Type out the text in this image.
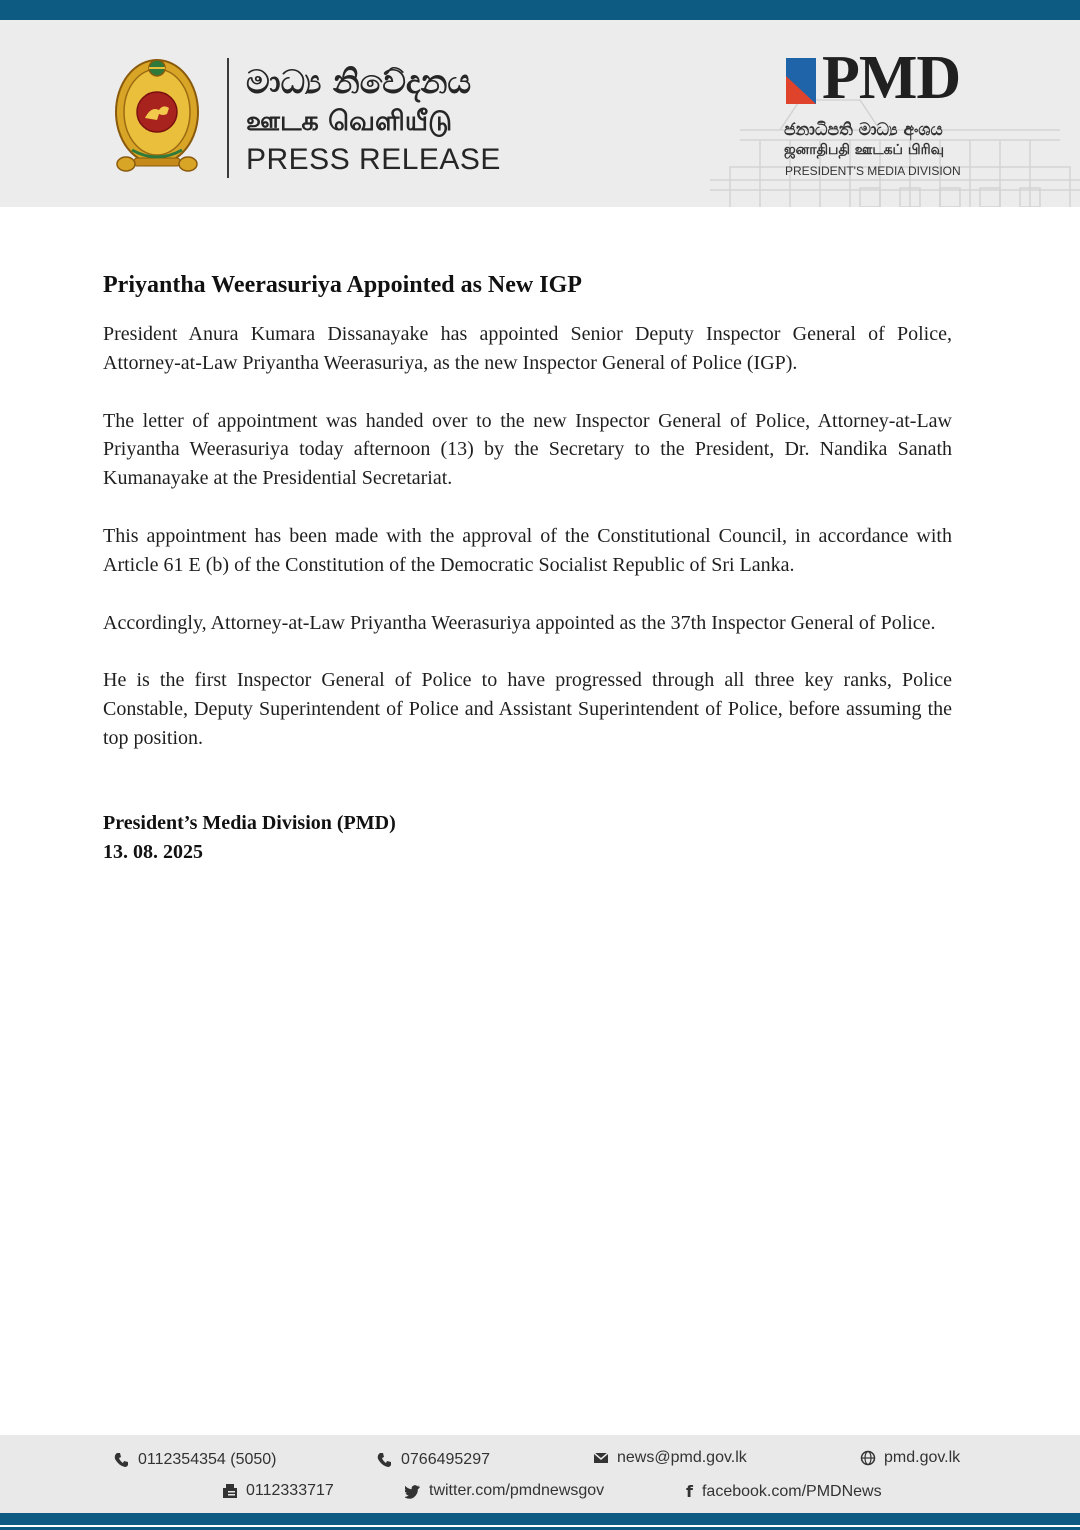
මාධ්‍ය නිවේදනය
ஊடக வெளியீடு
PRESS RELEASE
PMD
ජනාධිපති මාධ්‍ය අංශය
ஜனாதிபதி ஊடகப் பிரிவு
PRESIDENT'S MEDIA DIVISION
Priyantha Weerasuriya Appointed as New IGP

President Anura Kumara Dissanayake has appointed Senior Deputy Inspector General of Police, Attorney-at-Law Priyantha Weerasuriya, as the new Inspector General of Police (IGP).

The letter of appointment was handed over to the new Inspector General of Police, Attorney-at-Law Priyantha Weerasuriya today afternoon (13) by the Secretary to the President, Dr. Nandika Sanath Kumanayake at the Presidential Secretariat.

This appointment has been made with the approval of the Constitutional Council, in accordance with Article 61 E (b) of the Constitution of the Democratic Socialist Republic of Sri Lanka.

Accordingly, Attorney-at-Law Priyantha Weerasuriya appointed as the 37th Inspector General of Police.

He is the first Inspector General of Police to have progressed through all three key ranks, Police Constable, Deputy Superintendent of Police and Assistant Superintendent of Police, before assuming the top position.

President’s Media Division (PMD)
13. 08. 2025
0112354354 (5050)	0766495297	news@pmd.gov.lk	pmd.gov.lk
0112333717	twitter.com/pmdnewsgov	f facebook.com/PMDNews
